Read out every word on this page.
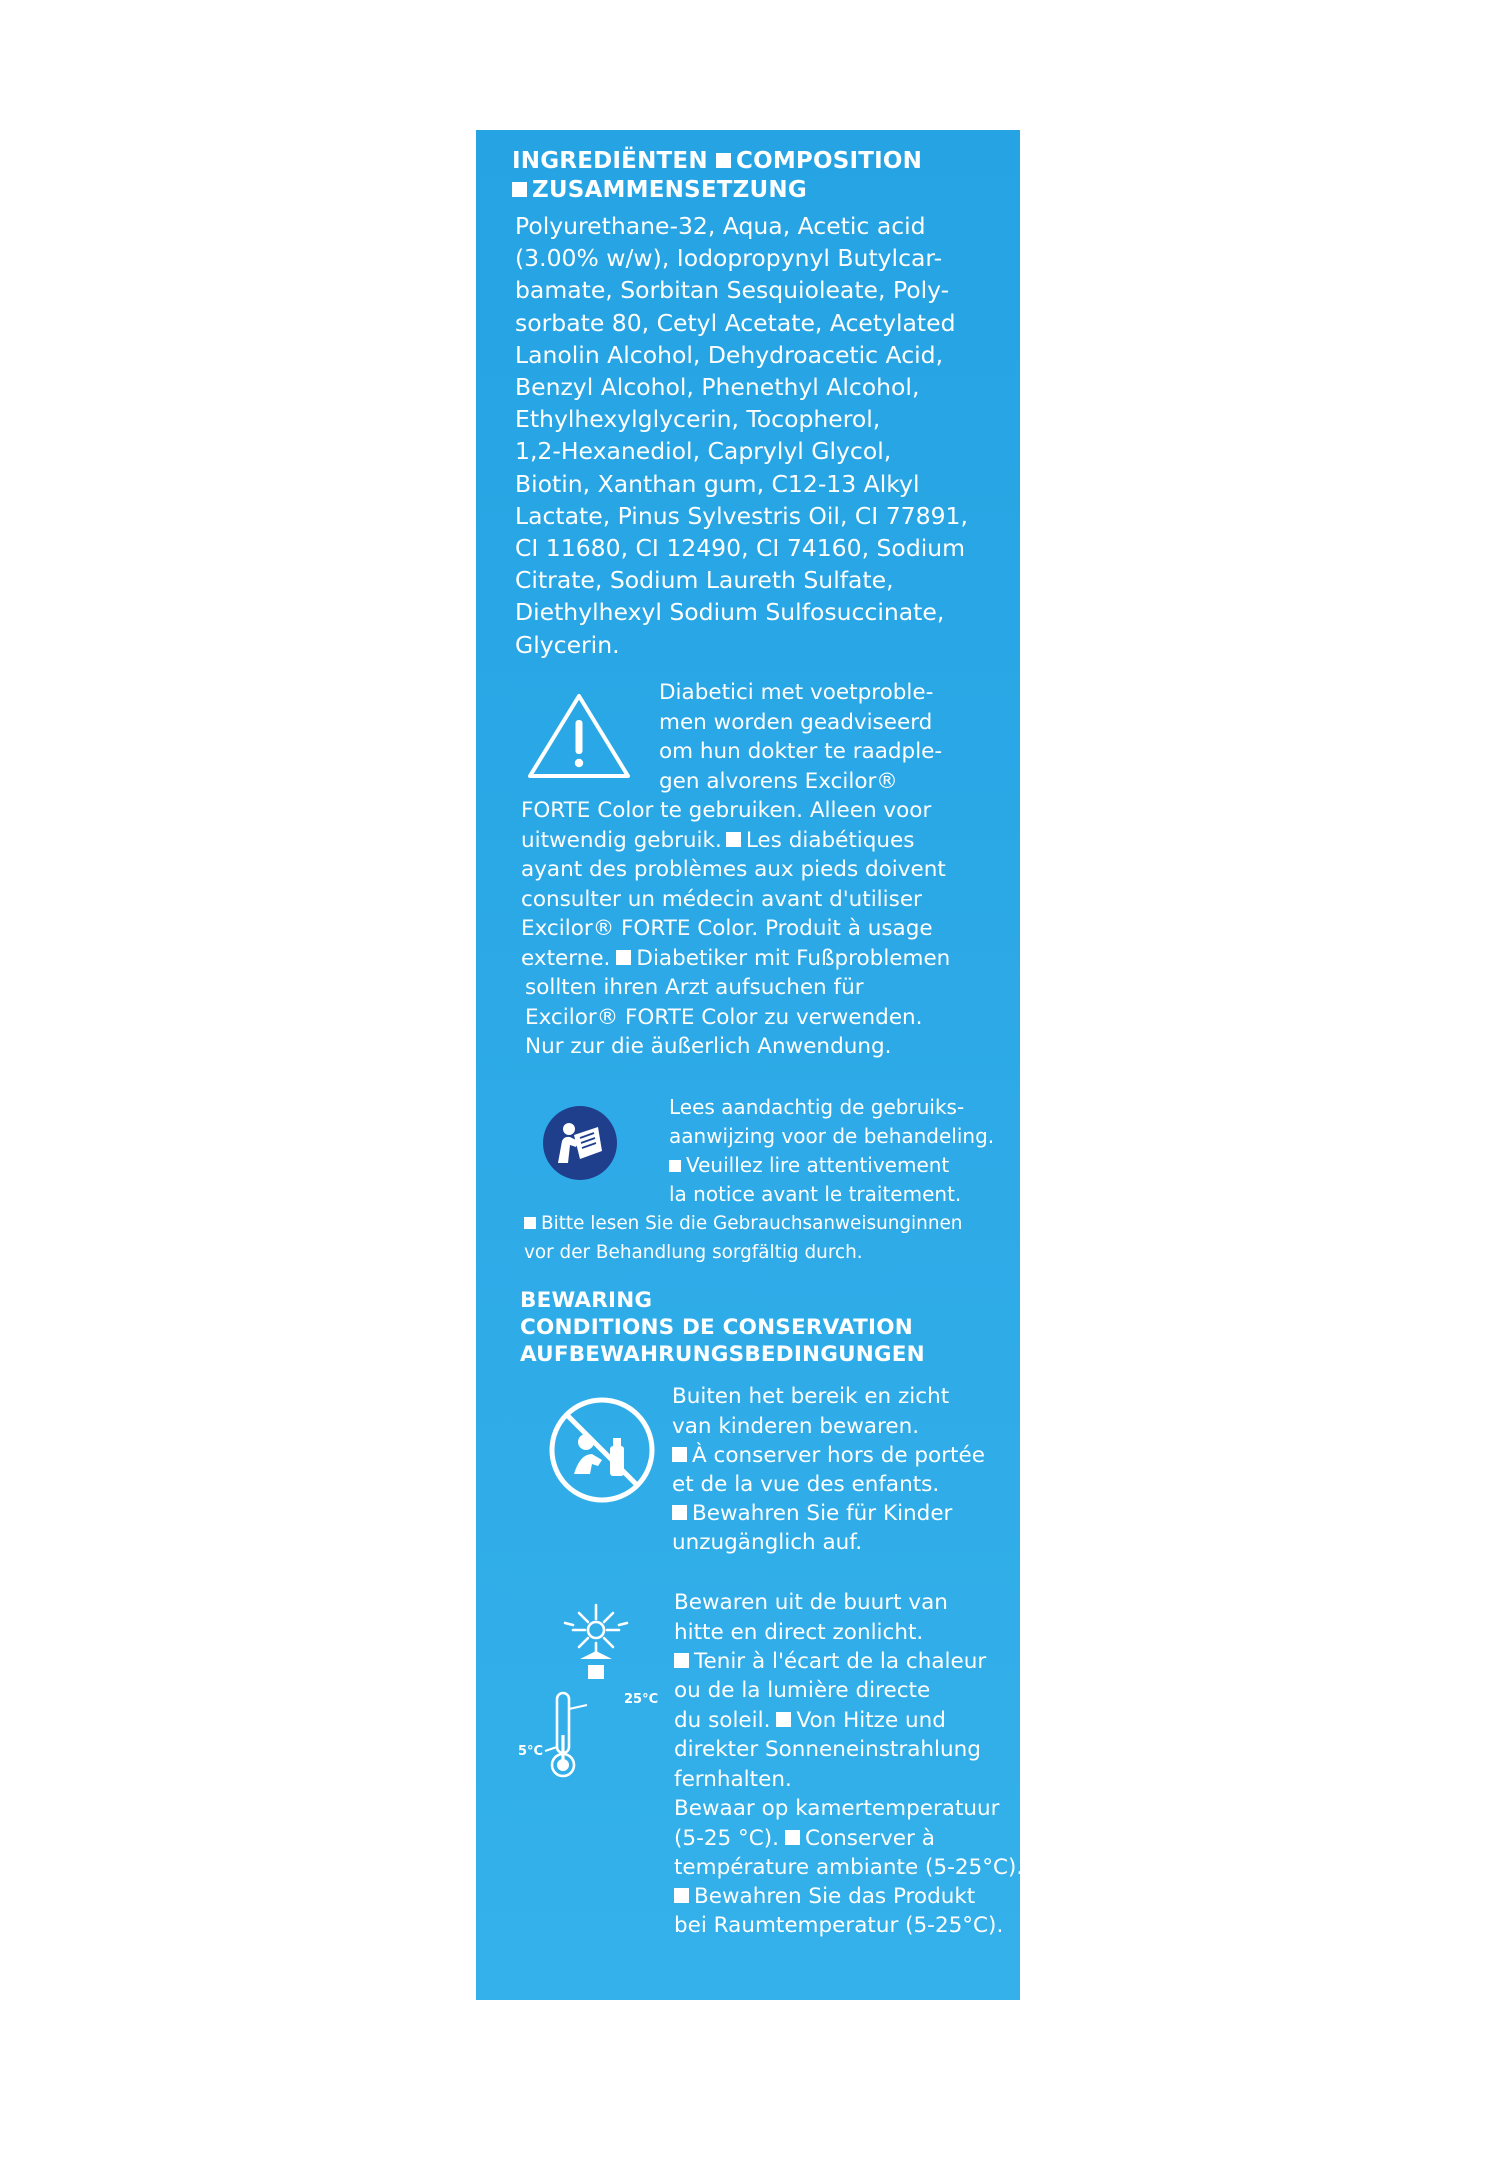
INGREDIËNTEN COMPOSITION
ZUSAMMENSETZUNG

Polyurethane-32, Aqua, Acetic acid
(3.00% w/w), Iodopropynyl Butylcar-
bamate, Sorbitan Sesquioleate, Poly-
sorbate 80, Cetyl Acetate, Acetylated
Lanolin Alcohol, Dehydroacetic Acid,
Benzyl Alcohol, Phenethyl Alcohol,
Ethylhexylglycerin, Tocopherol,
1,2-Hexanediol, Caprylyl Glycol,
Biotin, Xanthan gum, C12-13 Alkyl
Lactate, Pinus Sylvestris Oil, CI 77891,
CI 11680, CI 12490, CI 74160, Sodium
Citrate, Sodium Laureth Sulfate,
Diethylhexyl Sodium Sulfosuccinate,
Glycerin.

Diabetici met voetproble-
men worden geadviseerd
om hun dokter te raadple-
gen alvorens Excilor®

FORTE Color te gebruiken. Alleen voor
uitwendig gebruik. Les diabétiques

ayant des problèmes aux pieds doivent
consulter un médecin avant d'utiliser
Excilor® FORTE Color. Produit à usage
externe. Diabetiker mit Fußproblemen

sollten ihren Arzt aufsuchen für
Excilor® FORTE Color zu verwenden.
Nur zur die äußerlich Anwendung.

Lees aandachtig de gebruiks-
aanwijzing voor de behandeling.

Veuillez lire attentivement

la notice avant le traitement.

Bitte lesen Sie die Gebrauchsanweisunginnen

vor der Behandlung sorgfältig durch.

BEWARING
CONDITIONS DE CONSERVATION
AUFBEWAHRUNGSBEDINGUNGEN

Buiten het bereik en zicht
van kinderen bewaren.

À conserver hors de portée

et de la vue des enfants.

Bewahren Sie für Kinder

unzugänglich auf.

25°C
5°C

Bewaren uit de buurt van
hitte en direct zonlicht.

Tenir à l'écart de la chaleur

ou de la lumière directe
du soleil. Von Hitze und

direkter Sonneneinstrahlung
fernhalten.
Bewaar op kamertemperatuur
(5-25 °C). Conserver à

température ambiante (5-25°C).

Bewahren Sie das Produkt

bei Raumtemperatur (5-25°C).
